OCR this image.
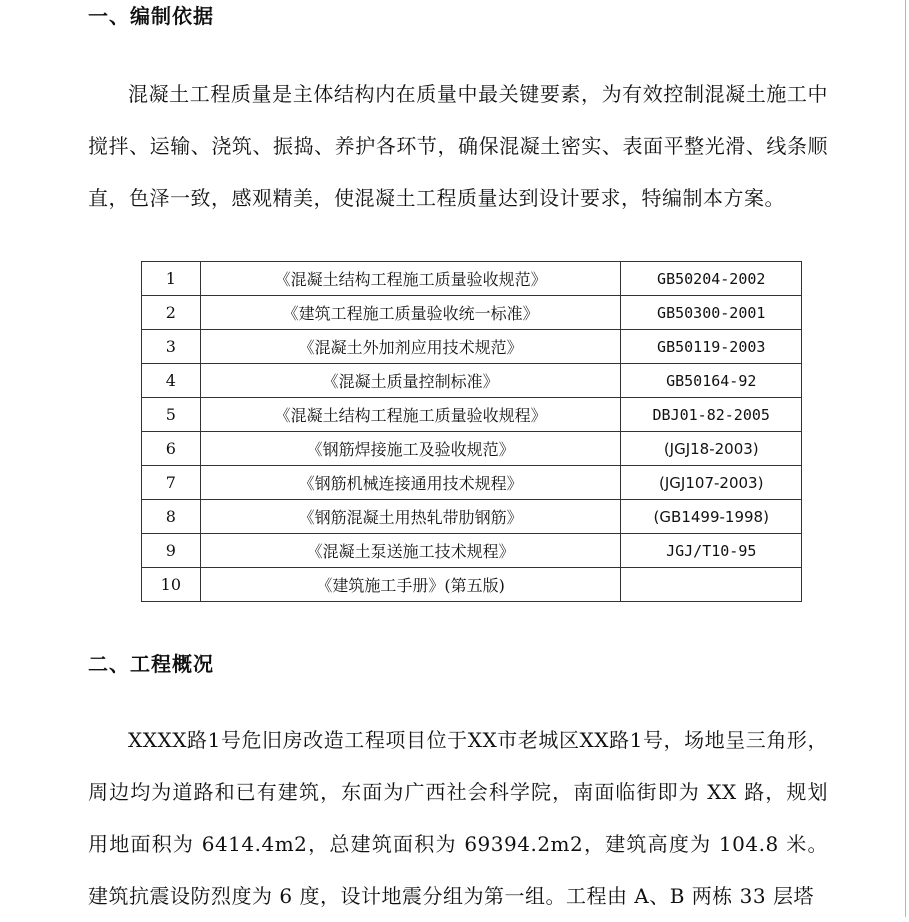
一、编制依据

混凝土工程质量是主体结构内在质量中最关键要素，为有效控制混凝土施工中搅拌、运输、浇筑、振捣、养护各环节，确保混凝土密实、表面平整光滑、线条顺直，色泽一致，感观精美，使混凝土工程质量达到设计要求，特编制本方案。

1	《混凝土结构工程施工质量验收规范》	GB50204-2002
2	《建筑工程施工质量验收统一标准》	GB50300-2001
3	《混凝土外加剂应用技术规范》	GB50119-2003
4	《混凝土质量控制标准》	GB50164-92
5	《混凝土结构工程施工质量验收规程》	DBJ01-82-2005
6	《钢筋焊接施工及验收规范》	(JGJ18-2003)
7	《钢筋机械连接通用技术规程》	(JGJ107-2003)
8	《钢筋混凝土用热轧带肋钢筋》	(GB1499-1998)
9	《混凝土泵送施工技术规程》	JGJ/T10-95
10	《建筑施工手册》(第五版)	
二、工程概况

XXXX路1号危旧房改造工程项目位于XX市老城区XX路1号，场地呈三角形，周边均为道路和已有建筑，东面为广西社会科学院，南面临街即为 XX 路，规划用地面积为 6414.4m2，总建筑面积为 69394.2m2，建筑高度为 104.8 米。建筑抗震设防烈度为 6 度，设计地震分组为第一组。工程由 A、B 两栋 33 层塔
